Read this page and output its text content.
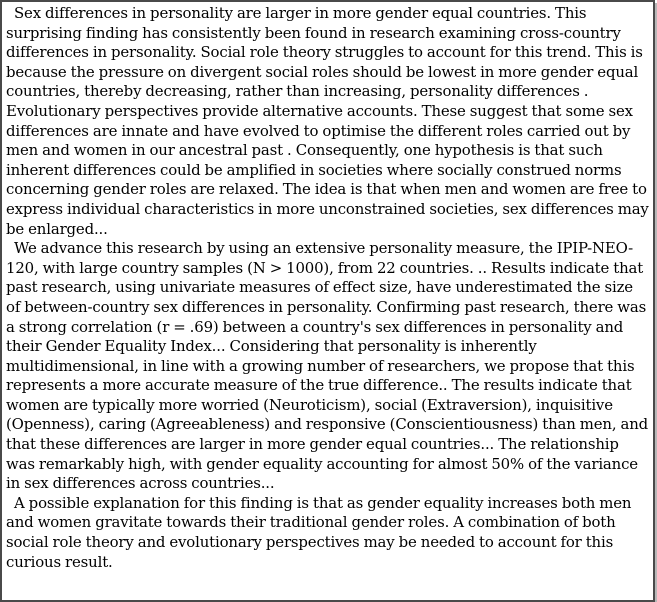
Sex differences in personality are larger in more gender equal countries. This surprising finding has consistently been found in research examining cross-country differences in personality. Social role theory struggles to account for this trend. This is because the pressure on divergent social roles should be lowest in more gender equal countries, thereby decreasing, rather than increasing, personality differences . Evolutionary perspectives provide alternative accounts. These suggest that some sex differences are innate and have evolved to optimise the different roles carried out by men and women in our ancestral past . Consequently, one hypothesis is that such inherent differences could be amplified in societies where socially construed norms concerning gender roles are relaxed. The idea is that when men and women are free to express individual characteristics in more unconstrained societies, sex differences may be enlarged...

We advance this research by using an extensive personality measure, the IPIP-NEO-120, with large country samples (N > 1000), from 22 countries. .. Results indicate that past research, using univariate measures of effect size, have underestimated the size of between-country sex differences in personality. Confirming past research, there was a strong correlation (r = .69) between a country's sex differences in personality and their Gender Equality Index... Considering that personality is inherently multidimensional, in line with a growing number of researchers, we propose that this represents a more accurate measure of the true difference.. The results indicate that women are typically more worried (Neuroticism), social (Extraversion), inquisitive (Openness), caring (Agreeableness) and responsive (Conscientiousness) than men, and that these differences are larger in more gender equal countries... The relationship was remarkably high, with gender equality accounting for almost 50% of the variance in sex differences across countries...

A possible explanation for this finding is that as gender equality increases both men and women gravitate towards their traditional gender roles. A combination of both social role theory and evolutionary perspectives may be needed to account for this curious result.
